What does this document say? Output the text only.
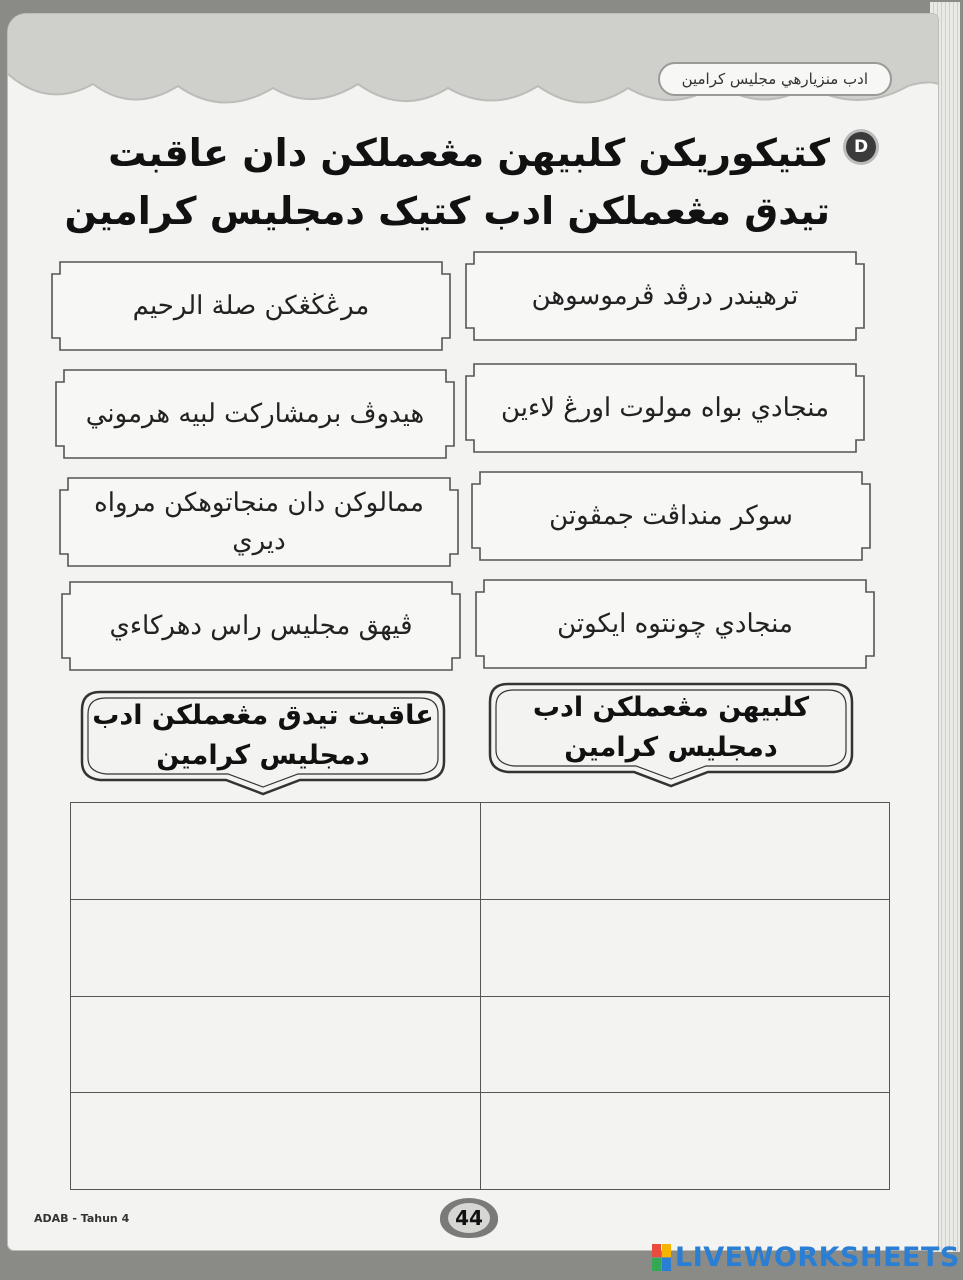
ادب منزيارهي مجليس كرامين
D
كتيكوريكن كلبيهن مڠعملكن دان عاقبت تيدق مڠعملكن ادب كتيک دمجليس كرامين
ترهيندر درڤد ڤرموسوهن
مرڠڬڠكن صلة الرحيم
منجادي بواه مولوت اورڠ لاءين
هيدوڤ برمشاركت لبيه هرموني
سوكر منداڤت جمڤوتن
ممالوكن دان منجاتوهكن مرواه ديري
منجادي چونتوه ايكوتن
ڤيهق مجليس راس دهركاءي
كلبيهن مڠعملكن ادب دمجليس كرامين
عاقبت تيدق مڠعملكن ادب دمجليس كرامين

ADAB - Tahun 4	44
LIVEWORKSHEETS
